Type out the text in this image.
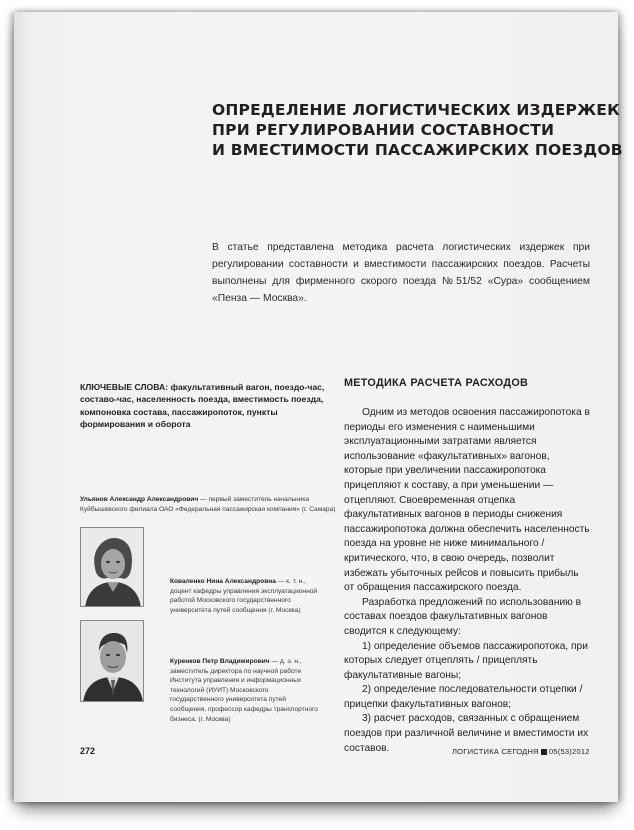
ОПРЕДЕЛЕНИЕ ЛОГИСТИЧЕСКИХ ИЗДЕРЖЕК
ПРИ РЕГУЛИРОВАНИИ СОСТАВНОСТИ
И ВМЕСТИМОСТИ ПАССАЖИРСКИХ ПОЕЗДОВ
В статье представлена методика расчета логистических издержек при регулировании составности и вместимости пассажирских поездов. Расчеты выполнены для фирменного скорого поезда №51/52 «Сура» сообщением «Пенза — Москва».
КЛЮЧЕВЫЕ СЛОВА: факультативный вагон, поездо-час, составо-час, населенность поезда, вместимость поезда, компоновка состава, пассажиропоток, пункты формирования и оборота
Ульянов Александр Александрович — первый заместитель начальника Куйбышевского филиала ОАО «Федеральная пассажирская компания» (г. Самара)
Коваленко Нина Александровна — к. т. н., доцент кафедры управления эксплуатационной работой Московского государственного университета путей сообщения (г. Москва)
Куренков Петр Владимирович — д. э. н., заместитель директора по научной работе Института управления и информационных технологий (ИУИТ) Московского государственного университета путей сообщения, профессор кафедры транспортного бизнеса. (г. Москва)
МЕТОДИКА РАСЧЕТА РАСХОДОВ

Одним из методов освоения пассажиропотока в периоды его изменения с наименьшими эксплуатационными затратами является использование «факультативных» вагонов, которые при увеличении пассажиропотока прицепляют к составу, а при уменьшении — отцепляют. Своевременная отцепка факультативных вагонов в периоды снижения пассажиропотока должна обеспечить населенность поезда на уровне не ниже минимального / критического, что, в свою очередь, позволит избежать убыточных рейсов и повысить прибыль от обращения пассажирского поезда.

Разработка предложений по использованию в составах поездов факультативных вагонов сводится к следующему:

1) определение объемов пассажиропотока, при которых следует отцеплять / прицеплять факультативные вагоны;

2) определение последовательности отцепки / прицепки факультативных вагонов;

3) расчет расходов, связанных с обращением поездов при различной величине и вместимости их составов.

272	ЛОГИСТИКА СЕГОДНЯ 05(53)2012
